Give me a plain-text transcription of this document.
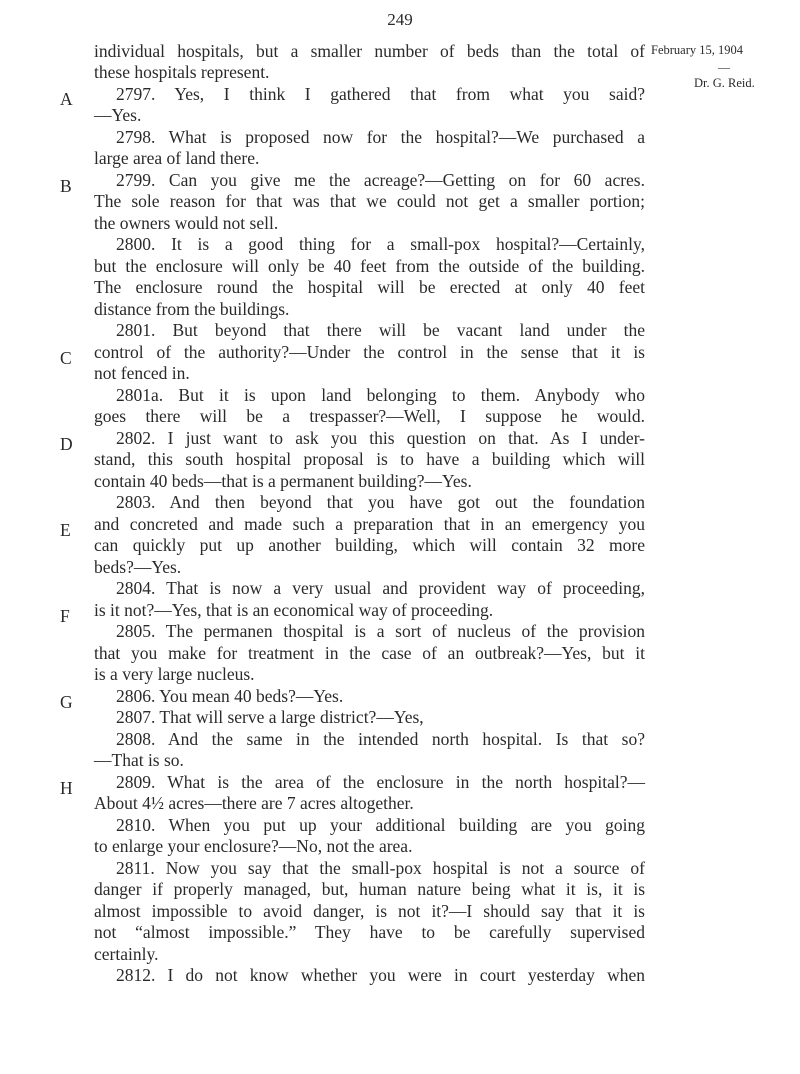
249
February 15, 1904
—
Dr. G. Reid.
A
B
C
D
E
F
G
H
individual hospitals, but a smaller number of beds than the total of
these hospitals represent.
2797. Yes, I think I gathered that from what you said?
—Yes.
2798. What is proposed now for the hospital?—We purchased a
large area of land there.
2799. Can you give me the acreage?—Getting on for 60 acres.
The sole reason for that was that we could not get a smaller portion;
the owners would not sell.
2800. It is a good thing for a small-pox hospital?—Certainly,
but the enclosure will only be 40 feet from the outside of the building.
The enclosure round the hospital will be erected at only 40 feet
distance from the buildings.
2801. But beyond that there will be vacant land under the
control of the authority?—Under the control in the sense that it is
not fenced in.
2801a. But it is upon land belonging to them. Anybody who
goes there will be a trespasser?—Well, I suppose he would.
2802. I just want to ask you this question on that. As I under-
stand, this south hospital proposal is to have a building which will
contain 40 beds—that is a permanent building?—Yes.
2803. And then beyond that you have got out the foundation
and concreted and made such a preparation that in an emergency you
can quickly put up another building, which will contain 32 more
beds?—Yes.
2804. That is now a very usual and provident way of proceeding,
is it not?—Yes, that is an economical way of proceeding.
2805. The permanen thospital is a sort of nucleus of the provision
that you make for treatment in the case of an outbreak?—Yes, but it
is a very large nucleus.
2806. You mean 40 beds?—Yes.
2807. That will serve a large district?—Yes,
2808. And the same in the intended north hospital. Is that so?
—That is so.
2809. What is the area of the enclosure in the north hospital?—
About 4½ acres—there are 7 acres altogether.
2810. When you put up your additional building are you going
to enlarge your enclosure?—No, not the area.
2811. Now you say that the small-pox hospital is not a source of
danger if properly managed, but, human nature being what it is, it is
almost impossible to avoid danger, is not it?—I should say that it is
not “almost impossible.” They have to be carefully supervised
certainly.
2812. I do not know whether you were in court yesterday when
